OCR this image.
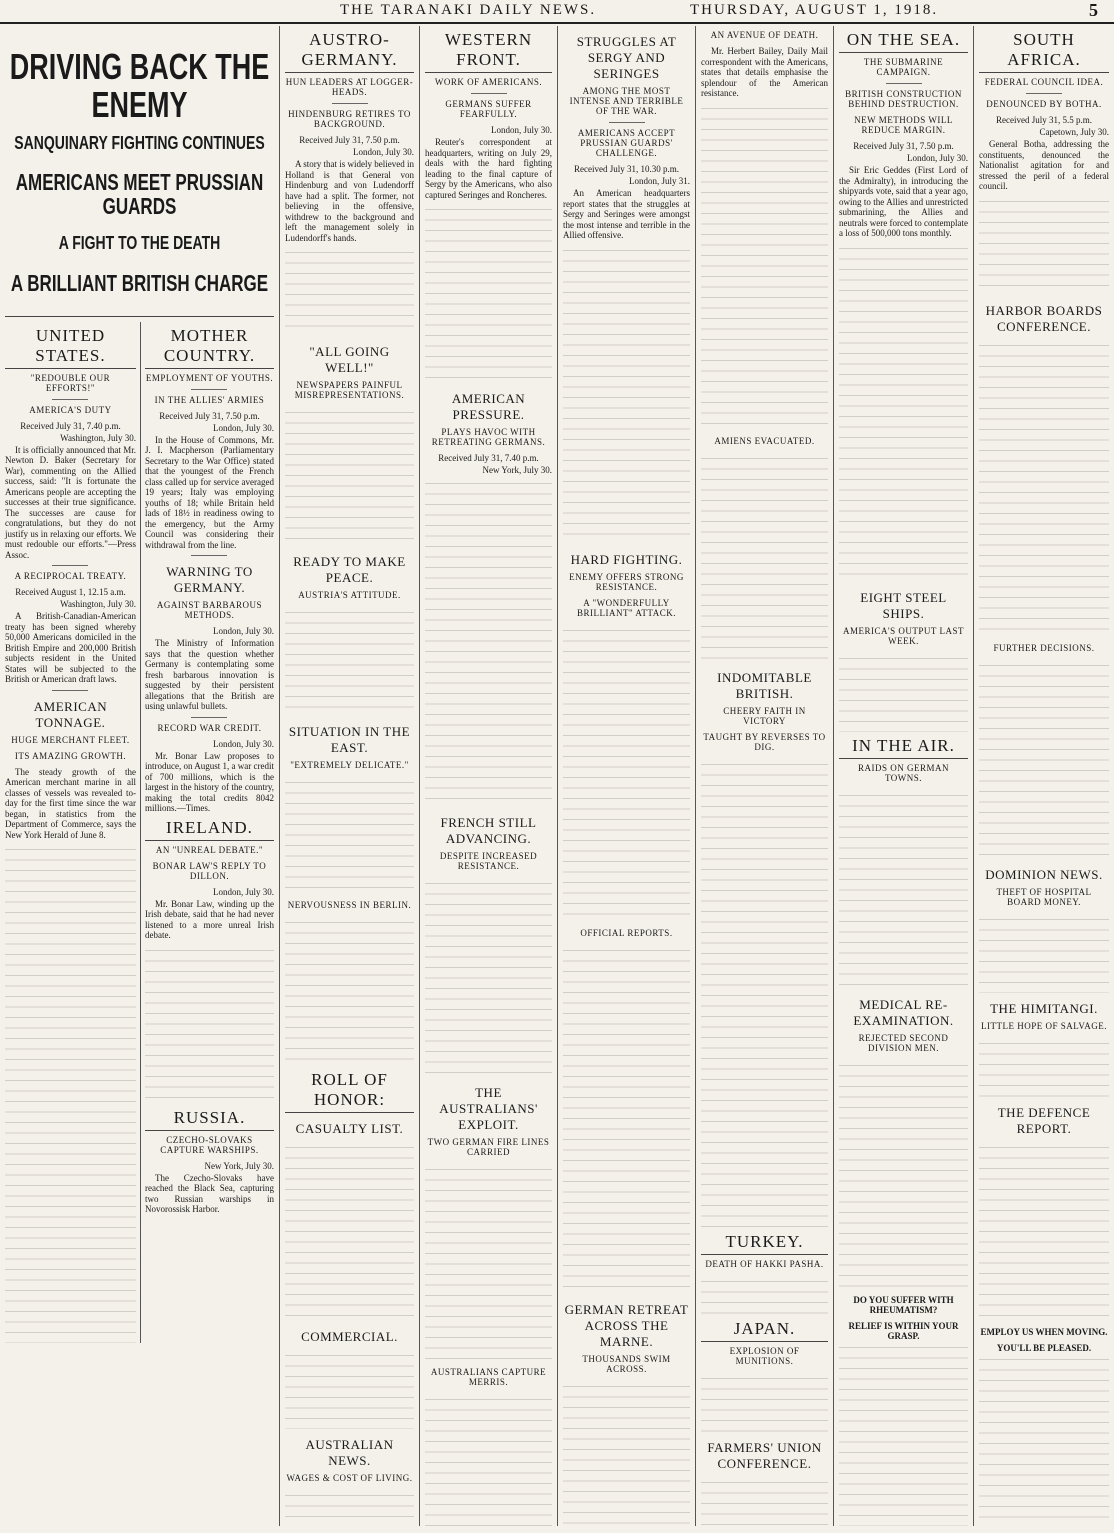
THE TARANAKI DAILY NEWS.	THURSDAY, AUGUST 1, 1918.	5
DRIVING BACK THE ENEMY
SANQUINARY FIGHTING CONTINUES
AMERICANS MEET PRUSSIAN GUARDS
A FIGHT TO THE DEATH
A BRILLIANT BRITISH CHARGE
UNITED STATES.
"REDOUBLE OUR EFFORTS!"
AMERICA'S DUTY
Received July 31, 7.40 p.m.
Washington, July 30.

It is officially announced that Mr. Newton D. Baker (Secretary for War), commenting on the Allied success, said: "It is fortunate the Americans people are accepting the successes at their true significance. The successes are cause for congratulations, but they do not justify us in relaxing our efforts. We must redouble our efforts."—Press Assoc.

A RECIPROCAL TREATY.
Received August 1, 12.15 a.m.
Washington, July 30.

A British-Canadian-American treaty has been signed whereby 50,000 Americans domiciled in the British Empire and 200,000 British subjects resident in the United States will be subjected to the British or American draft laws.

AMERICAN TONNAGE.
HUGE MERCHANT FLEET.
ITS AMAZING GROWTH.

The steady growth of the American merchant marine in all classes of vessels was revealed to-day for the first time since the war began, in statistics from the Department of Commerce, says the New York Herald of June 8.

MOTHER COUNTRY.
EMPLOYMENT OF YOUTHS.
IN THE ALLIES' ARMIES
Received July 31, 7.50 p.m.
London, July 30.

In the House of Commons, Mr. J. I. Macpherson (Parliamentary Secretary to the War Office) stated that the youngest of the French class called up for service averaged 19 years; Italy was employing youths of 18; while Britain held lads of 18½ in readiness owing to the emergency, but the Army Council was considering their withdrawal from the line.

WARNING TO GERMANY.
AGAINST BARBAROUS METHODS.
London, July 30.

The Ministry of Information says that the question whether Germany is contemplating some fresh barbarous innovation is suggested by their persistent allegations that the British are using unlawful bullets.

RECORD WAR CREDIT.
London, July 30.

Mr. Bonar Law proposes to introduce, on August 1, a war credit of 700 millions, which is the largest in the history of the country, making the total credits 8042 millions.—Times.

IRELAND.
AN "UNREAL DEBATE."
BONAR LAW'S REPLY TO DILLON.
London, July 30.

Mr. Bonar Law, winding up the Irish debate, said that he had never listened to a more unreal Irish debate.

RUSSIA.
CZECHO-SLOVAKS CAPTURE WARSHIPS.
New York, July 30.

The Czecho-Slovaks have reached the Black Sea, capturing two Russian warships in Novorossisk Harbor.

AUSTRO-GERMANY.
HUN LEADERS AT LOGGER-HEADS.
HINDENBURG RETIRES TO BACKGROUND.
Received July 31, 7.50 p.m.
London, July 30.

A story that is widely believed in Holland is that General von Hindenburg and von Ludendorff have had a split. The former, not believing in the offensive, withdrew to the background and left the management solely in Ludendorff's hands.

"ALL GOING WELL!"
NEWSPAPERS PAINFUL MISREPRESENTATIONS.
READY TO MAKE PEACE.
AUSTRIA'S ATTITUDE.
SITUATION IN THE EAST.
"EXTREMELY DELICATE."
NERVOUSNESS IN BERLIN.
ROLL OF HONOR:
CASUALTY LIST.
COMMERCIAL.
AUSTRALIAN NEWS.
WAGES & COST OF LIVING.
WESTERN FRONT.
WORK OF AMERICANS.
GERMANS SUFFER FEARFULLY.
London, July 30.

Reuter's correspondent at headquarters, writing on July 29, deals with the hard fighting leading to the final capture of Sergy by the Americans, who also captured Seringes and Roncheres.

AMERICAN PRESSURE.
PLAYS HAVOC WITH RETREATING GERMANS.
Received July 31, 7.40 p.m.
New York, July 30.
FRENCH STILL ADVANCING.
DESPITE INCREASED RESISTANCE.
THE AUSTRALIANS' EXPLOIT.
TWO GERMAN FIRE LINES CARRIED
AUSTRALIANS CAPTURE MERRIS.
STRUGGLES AT SERGY AND SERINGES
AMONG THE MOST INTENSE AND TERRIBLE OF THE WAR.
AMERICANS ACCEPT PRUSSIAN GUARDS' CHALLENGE.
Received July 31, 10.30 p.m.
London, July 31.

An American headquarters report states that the struggles at Sergy and Seringes were amongst the most intense and terrible in the Allied offensive.

HARD FIGHTING.
ENEMY OFFERS STRONG RESISTANCE.
A "WONDERFULLY BRILLIANT" ATTACK.
OFFICIAL REPORTS.
GERMAN RETREAT ACROSS THE MARNE.
THOUSANDS SWIM ACROSS.
AN AVENUE OF DEATH.

Mr. Herbert Bailey, Daily Mail correspondent with the Americans, states that details emphasise the splendour of the American resistance.

AMIENS EVACUATED.
INDOMITABLE BRITISH.
CHEERY FAITH IN VICTORY
TAUGHT BY REVERSES TO DIG.
TURKEY.
DEATH OF HAKKI PASHA.
JAPAN.
EXPLOSION OF MUNITIONS.
FARMERS' UNION CONFERENCE.
ON THE SEA.
THE SUBMARINE CAMPAIGN.
BRITISH CONSTRUCTION BEHIND DESTRUCTION.
NEW METHODS WILL REDUCE MARGIN.
Received July 31, 7.50 p.m.
London, July 30.

Sir Eric Geddes (First Lord of the Admiralty), in introducing the shipyards vote, said that a year ago, owing to the Allies and unrestricted submarining, the Allies and neutrals were forced to contemplate a loss of 500,000 tons monthly.

EIGHT STEEL SHIPS.
AMERICA'S OUTPUT LAST WEEK.
IN THE AIR.
RAIDS ON GERMAN TOWNS.
MEDICAL RE-EXAMINATION.
REJECTED SECOND DIVISION MEN.
DO YOU SUFFER WITH RHEUMATISM?
RELIEF IS WITHIN YOUR GRASP.
SOUTH AFRICA.
FEDERAL COUNCIL IDEA.
DENOUNCED BY BOTHA.
Received July 31, 5.5 p.m.
Capetown, July 30.

General Botha, addressing the constituents, denounced the Nationalist agitation for and stressed the peril of a federal council.

HARBOR BOARDS CONFERENCE.
FURTHER DECISIONS.
DOMINION NEWS.
THEFT OF HOSPITAL BOARD MONEY.
THE HIMITANGI.
LITTLE HOPE OF SALVAGE.
THE DEFENCE REPORT.
EMPLOY US WHEN MOVING.
YOU'LL BE PLEASED.
